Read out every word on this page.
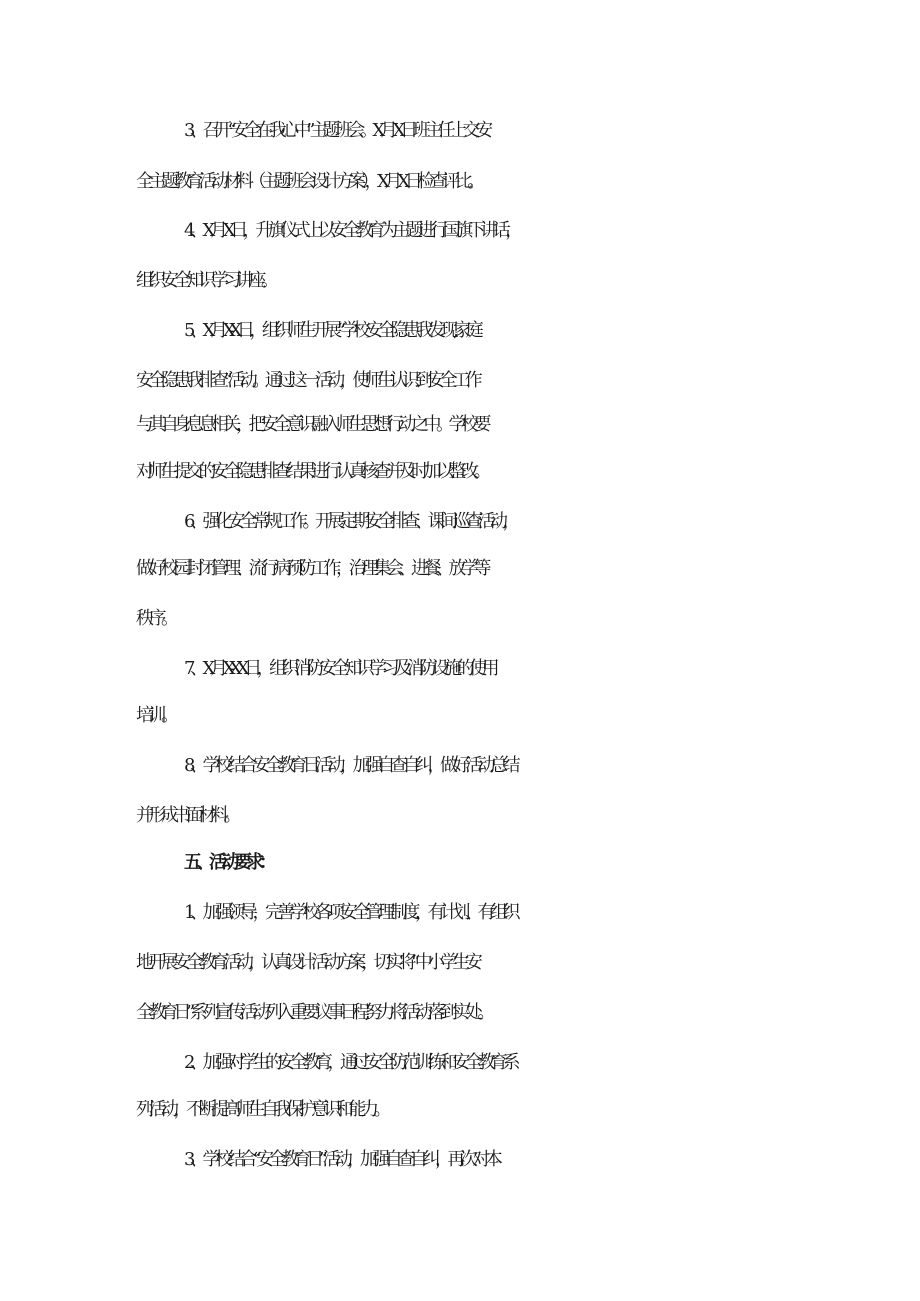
3、召开“安全在我心中”主题班会。X 月 X 日班主任上交安
全主题教育活动材料（主题班会设计方案），X 月 X 日检查评比。
4、X 月 X 日，升旗仪式上以安全教育为主题进行国旗下讲话，
组织安全知识学习讲座。
5、X 月 X-X 日，组织师生开展“学校安全隐患我发现,家庭
安全隐患我排查”活动。通过这一活动，使师生认识到安全工作
与其自身息息相关，把安全意识融入师生思想行动之中。学校要
对师生提交的安全隐患排查结果进行认真核查并及时加以整改。
6、强化安全常规工作。开展定期安全排查、课间巡查活动，
做好校园封闭管理、流行病预防工作，治理集会、进餐、放学等
秩序。
7、X 月 X-XX 日，组织消防安全知识学习及消防设施的使用
培训。
8、学校结合安全教育日活动，加强自查自纠，做好活动总结
并形成书面材料。
五、活动要求：
1、加强领导，完善学校各项安全管理制度，有计划、有组织
地开展安全教育活动，认真设计活动方案，切实将“中小学生安
全教育日”系列宣传活动列入重要议事日程,努力将活动落到实处。
2、加强对学生的安全教育，通过安全防范训练和安全教育系
列活动，不断提高师生自我保护意识和能力。
3、学校结合“安全教育日”活动，加强自查自纠，再次对本
